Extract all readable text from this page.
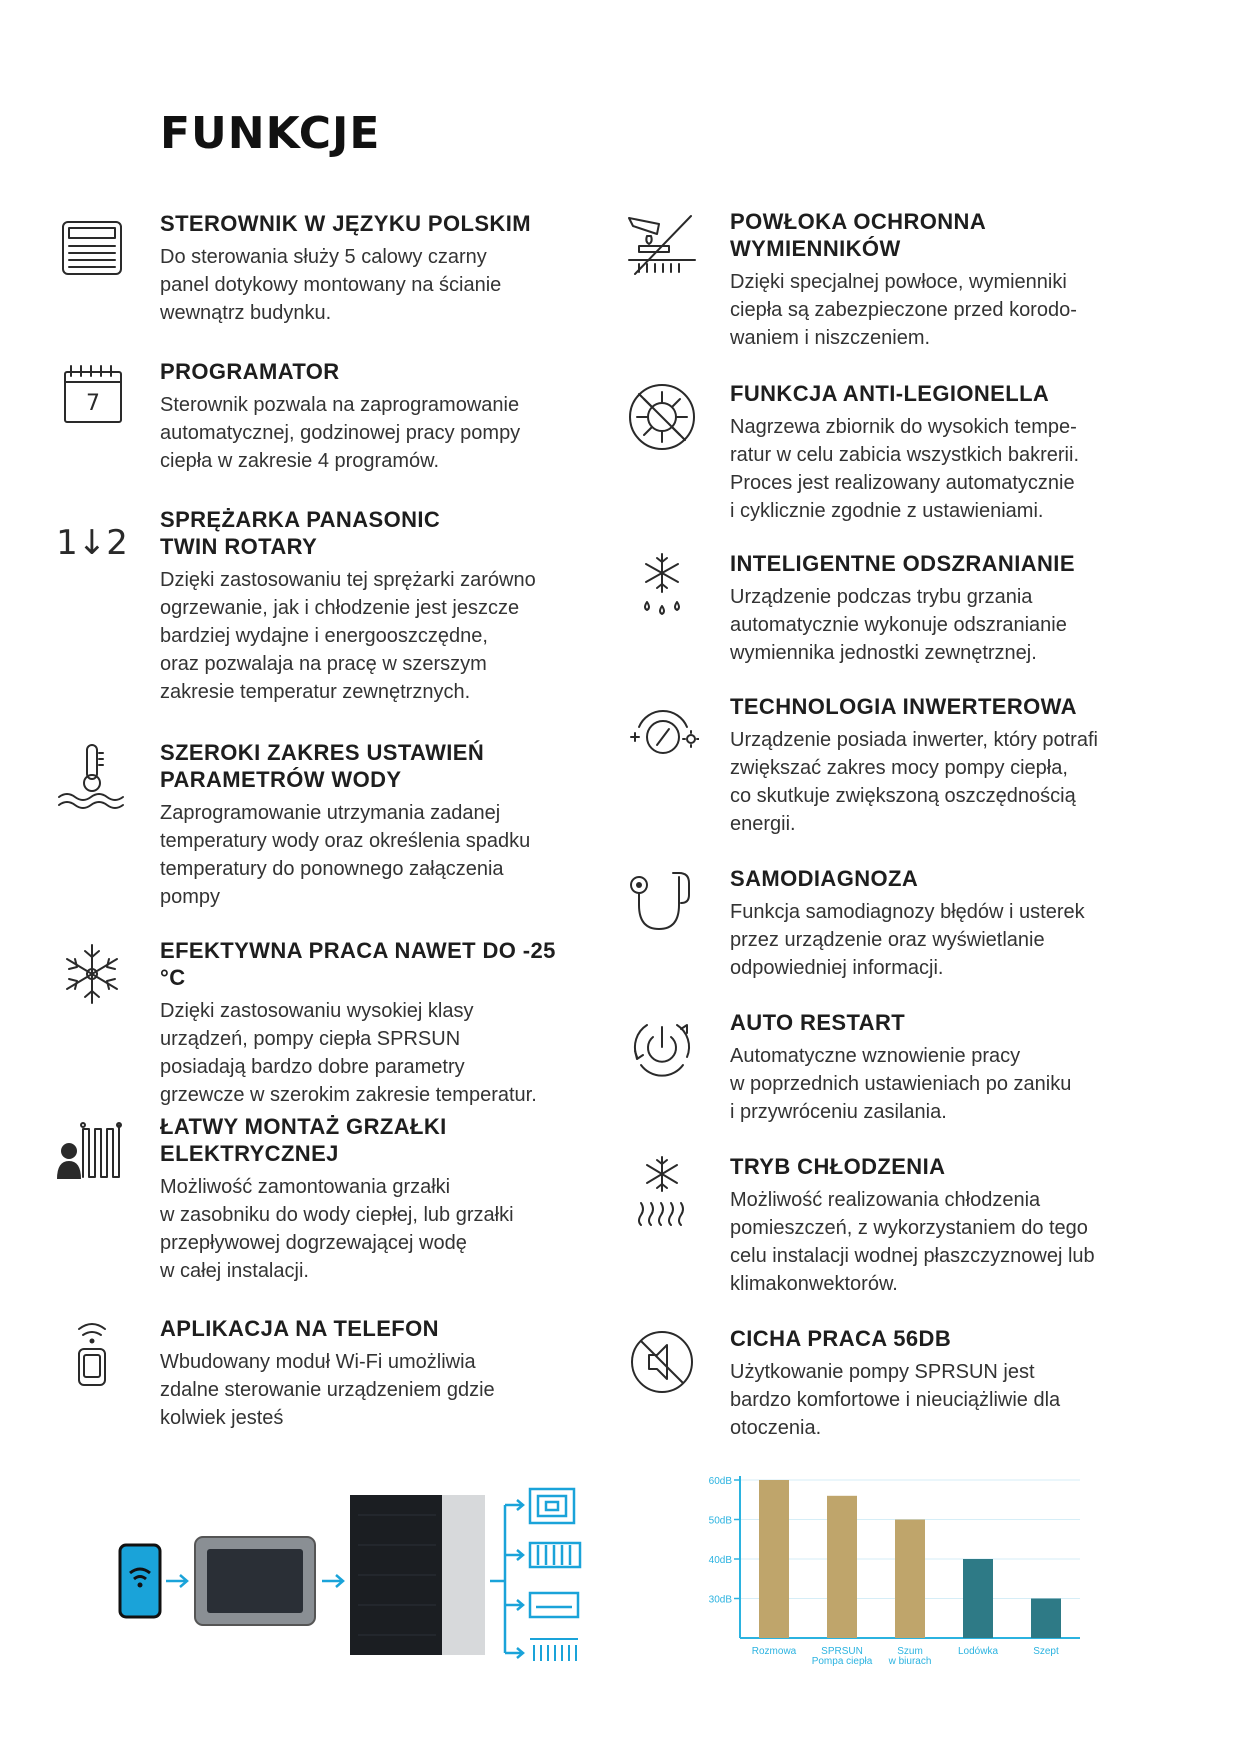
FUNKCJE
STEROWNIK W JĘZYKU POLSKIM

Do sterowania służy 5 calowy czarny
panel dotykowy montowany na ścianie
wewnątrz budynku.

7
PROGRAMATOR

Sterownik pozwala na zaprogramowanie
automatycznej, godzinowej pracy pompy
ciepła w zakresie 4 programów.

1↓2
SPRĘŻARKA PANASONIC
TWIN ROTARY

Dzięki zastosowaniu tej sprężarki zarówno
ogrzewanie, jak i chłodzenie jest jeszcze
bardziej wydajne i energooszczędne,
oraz pozwalaja na pracę w szerszym
zakresie temperatur zewnętrznych.

SZEROKI ZAKRES USTAWIEŃ
PARAMETRÓW WODY

Zaprogramowanie utrzymania zadanej
temperatury wody oraz określenia spadku
temperatury do ponownego załączenia
pompy

EFEKTYWNA PRACA NAWET DO -25 °C

Dzięki zastosowaniu wysokiej klasy
urządzeń, pompy ciepła SPRSUN
posiadają bardzo dobre parametry
grzewcze w szerokim zakresie temperatur.

ŁATWY MONTAŻ GRZAŁKI
ELEKTRYCZNEJ

Możliwość zamontowania grzałki
w zasobniku do wody ciepłej, lub grzałki
przepływowej dogrzewającej wodę
w całej instalacji.

APLIKACJA NA TELEFON

Wbudowany moduł Wi-Fi umożliwia
zdalne sterowanie urządzeniem gdzie
kolwiek jesteś

POWŁOKA OCHRONNA
WYMIENNIKÓW

Dzięki specjalnej powłoce, wymienniki
ciepła są zabezpieczone przed korodo-
waniem i niszczeniem.

FUNKCJA ANTI-LEGIONELLA

Nagrzewa zbiornik do wysokich tempe-
ratur w celu zabicia wszystkich bakrerii.
Proces jest realizowany automatycznie
i cyklicznie zgodnie z ustawieniami.

INTELIGENTNE ODSZRANIANIE

Urządzenie podczas trybu grzania
automatycznie wykonuje odszranianie
wymiennika jednostki zewnętrznej.

TECHNOLOGIA INWERTEROWA

Urządzenie posiada inwerter, który potrafi
zwiększać zakres mocy pompy ciepła,
co skutkuje zwiększoną oszczędnością
energii.

SAMODIAGNOZA

Funkcja samodiagnozy błędów i usterek
przez urządzenie oraz wyświetlanie
odpowiedniej informacji.

AUTO RESTART

Automatyczne wznowienie pracy
w poprzednich ustawieniach po zaniku
i przywróceniu zasilania.

TRYB CHŁODZENIA

Możliwość realizowania chłodzenia
pomieszczeń, z wykorzystaniem do tego
celu instalacji wodnej płaszczyznowej lub
klimakonwektorów.

CICHA PRACA 56DB

Użytkowanie pompy SPRSUN jest
bardzo komfortowe i nieuciążliwie dla
otoczenia.

60dB
50dB
40dB
30dB
Rozmowa SPRSUN
Pompa ciepła
Szum
w biurach
Lodówka	Szept
